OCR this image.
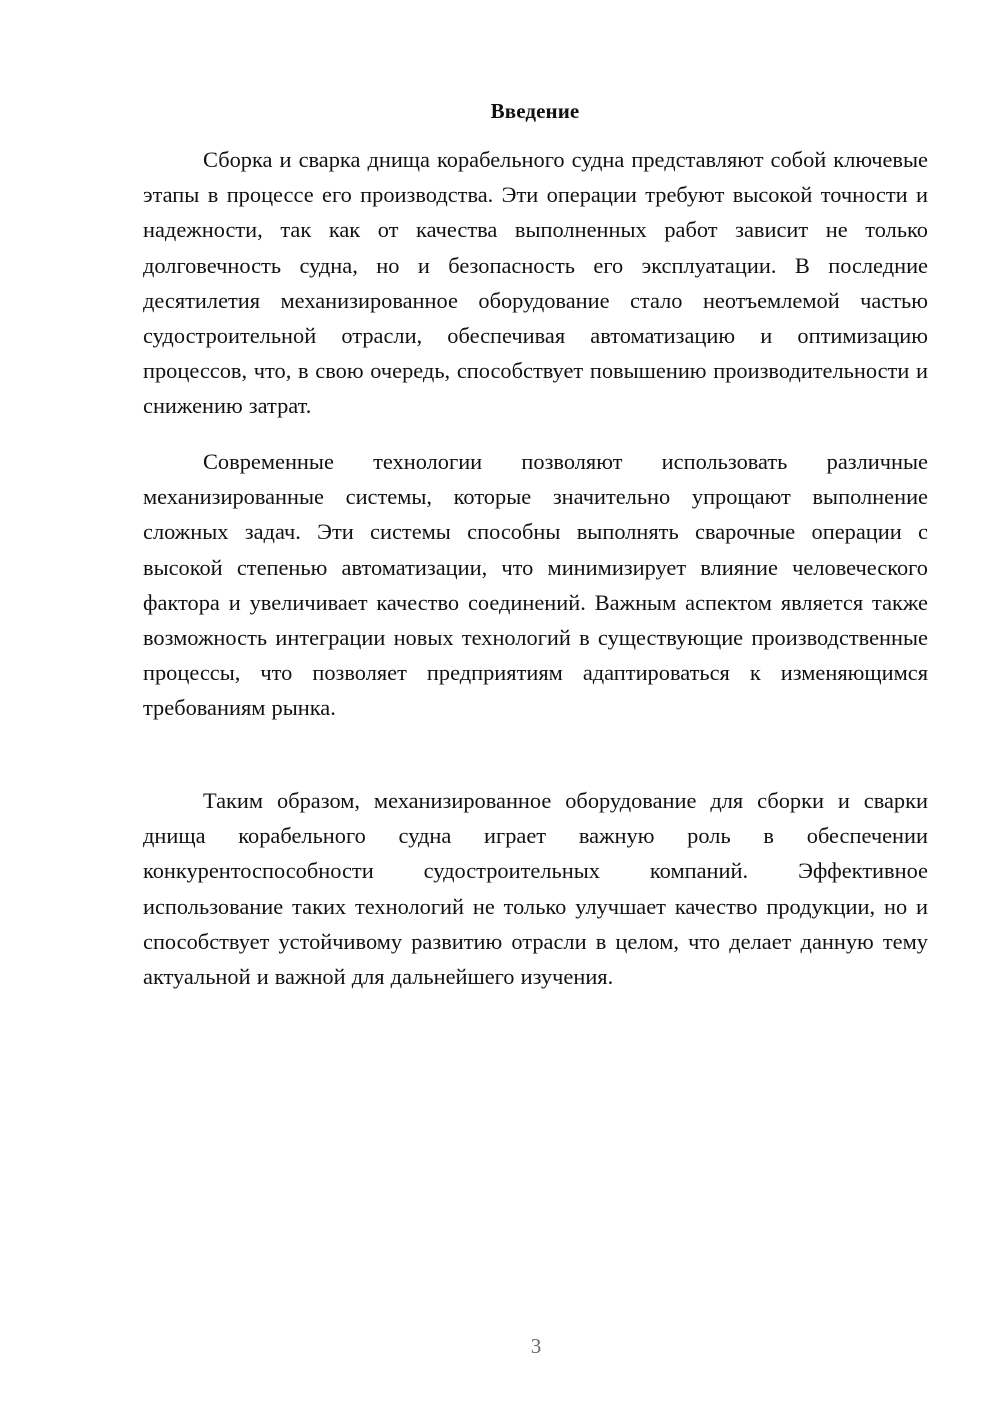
Введение

Сборка и сварка днища корабельного судна представляют собой ключевые этапы в процессе его производства. Эти операции требуют высокой точности и надежности, так как от качества выполненных работ зависит не только долговечность судна, но и безопасность его эксплуатации. В последние десятилетия механизированное оборудование стало неотъемлемой частью судостроительной отрасли, обеспечивая автоматизацию и оптимизацию процессов, что, в свою очередь, способствует повышению производительности и снижению затрат.

Современные технологии позволяют использовать различные механизированные системы, которые значительно упрощают выполнение сложных задач. Эти системы способны выполнять сварочные операции с высокой степенью автоматизации, что минимизирует влияние человеческого фактора и увеличивает качество соединений. Важным аспектом является также возможность интеграции новых технологий в существующие производственные процессы, что позволяет предприятиям адаптироваться к изменяющимся требованиям рынка.

Таким образом, механизированное оборудование для сборки и сварки днища корабельного судна играет важную роль в обеспечении конкурентоспособности судостроительных компаний. Эффективное использование таких технологий не только улучшает качество продукции, но и способствует устойчивому развитию отрасли в целом, что делает данную тему актуальной и важной для дальнейшего изучения.

3
